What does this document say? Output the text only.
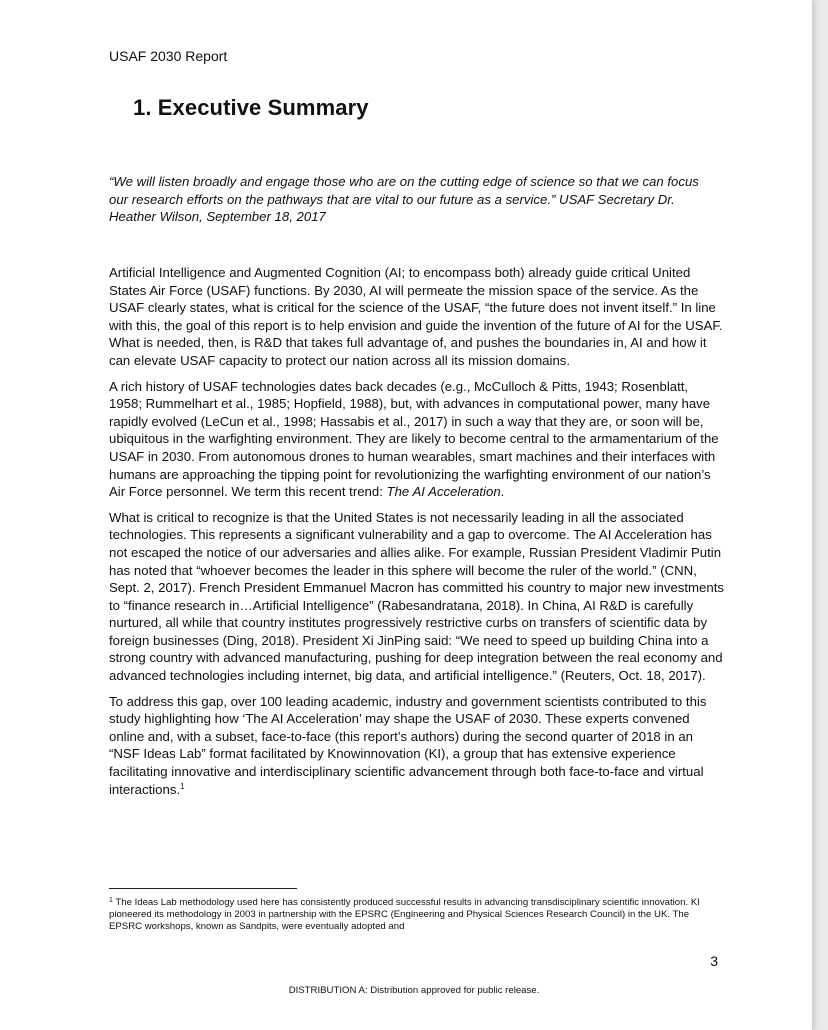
USAF 2030 Report
1. Executive Summary

“We will listen broadly and engage those who are on the cutting edge of science so that we can focus our research efforts on the pathways that are vital to our future as a service.” USAF Secretary Dr. Heather Wilson, September 18, 2017

Artificial Intelligence and Augmented Cognition (AI; to encompass both) already guide critical United States Air Force (USAF) functions. By 2030, AI will permeate the mission space of the service. As the USAF clearly states, what is critical for the science of the USAF, “the future does not invent itself.” In line with this, the goal of this report is to help envision and guide the invention of the future of AI for the USAF. What is needed, then, is R&D that takes full advantage of, and pushes the boundaries in, AI and how it can elevate USAF capacity to protect our nation across all its mission domains.

A rich history of USAF technologies dates back decades (e.g., McCulloch & Pitts, 1943; Rosenblatt, 1958; Rummelhart et al., 1985; Hopfield, 1988), but, with advances in computational power, many have rapidly evolved (LeCun et al., 1998; Hassabis et al., 2017) in such a way that they are, or soon will be, ubiquitous in the warfighting environment. They are likely to become central to the armamentarium of the USAF in 2030. From autonomous drones to human wearables, smart machines and their interfaces with humans are approaching the tipping point for revolutionizing the warfighting environment of our nation’s Air Force personnel. We term this recent trend: The AI Acceleration.

What is critical to recognize is that the United States is not necessarily leading in all the associated technologies. This represents a significant vulnerability and a gap to overcome. The AI Acceleration has not escaped the notice of our adversaries and allies alike. For example, Russian President Vladimir Putin has noted that “whoever becomes the leader in this sphere will become the ruler of the world.” (CNN, Sept. 2, 2017). French President Emmanuel Macron has committed his country to major new investments to “finance research in…Artificial Intelligence” (Rabesandratana, 2018). In China, AI R&D is carefully nurtured, all while that country institutes progressively restrictive curbs on transfers of scientific data by foreign businesses (Ding, 2018). President Xi JinPing said: “We need to speed up building China into a strong country with advanced manufacturing, pushing for deep integration between the real economy and advanced technologies including internet, big data, and artificial intelligence.” (Reuters, Oct. 18, 2017).

To address this gap, over 100 leading academic, industry and government scientists contributed to this study highlighting how ‘The AI Acceleration’ may shape the USAF of 2030. These experts convened online and, with a subset, face-to-face (this report’s authors) during the second quarter of 2018 in an “NSF Ideas Lab” format facilitated by Knowinnovation (KI), a group that has extensive experience facilitating innovative and interdisciplinary scientific advancement through both face-to-face and virtual interactions.$^1$

$^1$ The Ideas Lab methodology used here has consistently produced successful results in advancing transdisciplinary scientific innovation. KI pioneered its methodology in 2003 in partnership with the EPSRC (Engineering and Physical Sciences Research Council) in the UK. The EPSRC workshops, known as Sandpits, were eventually adopted and

3
DISTRIBUTION A: Distribution approved for public release.
